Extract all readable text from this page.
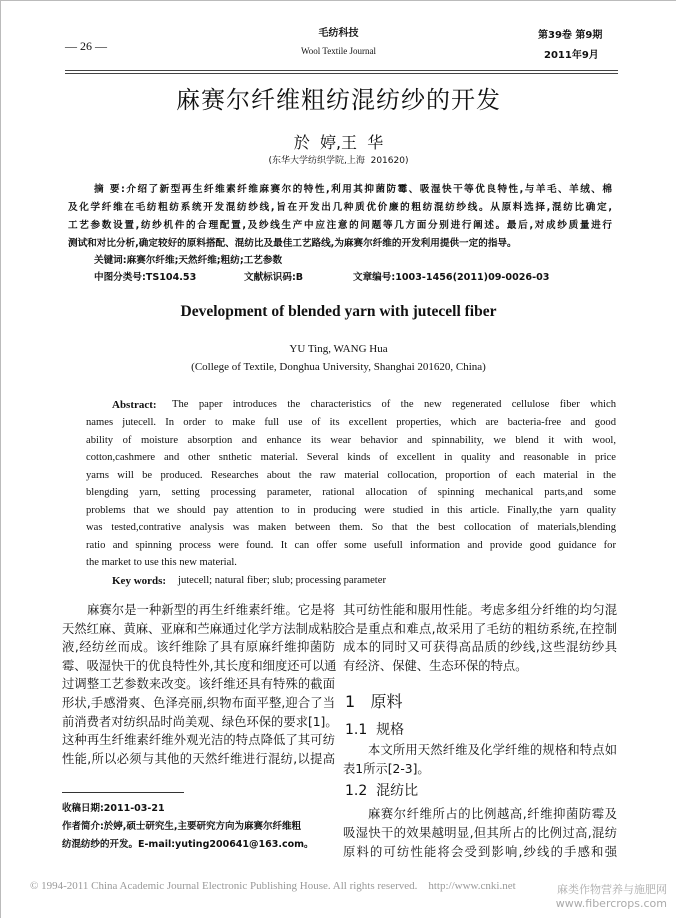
— 26 —
毛纺科技
Wool Textile Journal
第39卷 第9期
2011年9月
麻赛尔纤维粗纺混纺纱的开发
於  婷,王  华
(东华大学纺织学院,上海  201620)
摘 要:介绍了新型再生纤维素纤维麻赛尔的特性,利用其抑菌防霉、吸湿快干等优良特性,与羊毛、羊绒、棉
及化学纤维在毛纺粗纺系统开发混纺纱线,旨在开发出几种质优价廉的粗纺混纺纱线。从原料选择,混纺比确定,
工艺参数设置,纺纱机件的合理配置,及纱线生产中应注意的问题等几方面分别进行阐述。最后,对成纱质量进行
测试和对比分析,确定较好的原料搭配、混纺比及最佳工艺路线,为麻赛尔纤维的开发利用提供一定的指导。
关键词:麻赛尔纤维;天然纤维;粗纺;工艺参数
中图分类号:TS104.53	文献标识码:B	文章编号:1003-1456(2011)09-0026-03
Development of blended yarn with jutecell fiber
YU Ting, WANG Hua
(College of Textile, Donghua University, Shanghai 201620, China)
Abstract: The paper introduces the characteristics of the new regenerated cellulose fiber which
names jutecell. In order to make full use of its excellent properties, which are bacteria-free and good
ability of moisture absorption and enhance its wear behavior and spinnability, we blend it with wool,
cotton,cashmere and other snthetic material. Several kinds of excellent in quality and reasonable in price
yarns will be produced. Researches about the raw material collocation, proportion of each material in the
blengding yarn, setting processing parameter, rational allocation of spinning mechanical parts,and some
problems that we should pay attention to in producing were studied in this article. Finally,the yarn quality
was tested,contrative analysis was maken between them. So that the best collocation of materials,blending
ratio and spinning process were found. It can offer some usefull information and provide good guidance for
the market to use this new material.
Key words: jutecell; natural fiber; slub; processing parameter
麻赛尔是一种新型的再生纤维素纤维。它是将
天然红麻、黄麻、亚麻和苎麻通过化学方法制成粘胶
液,经纺丝而成。该纤维除了具有原麻纤维抑菌防
霉、吸湿快干的优良特性外,其长度和细度还可以通
过调整工艺参数来改变。该纤维还具有特殊的截面
形状,手感滑爽、色泽亮丽,织物布面平整,迎合了当
前消费者对纺织品时尚美观、绿色环保的要求[1]。
这种再生纤维素纤维外观光洁的特点降低了其可纺
性能,所以必须与其他的天然纤维进行混纺,以提高
收稿日期:2011-03-21
作者简介:於婷,硕士研究生,主要研究方向为麻赛尔纤维粗
纺混纺纱的开发。E-mail:yuting200641@163.com。
其可纺性能和服用性能。考虑多组分纤维的均匀混
合是重点和难点,故采用了毛纺的粗纺系统,在控制
成本的同时又可获得高品质的纱线,这些混纺纱具
有经济、保健、生态环保的特点。
1   原料
1.1  规格
本文所用天然纤维及化学纤维的规格和特点如
表1所示[2-3]。
1.2  混纺比
麻赛尔纤维所占的比例越高,纤维抑菌防霉及
吸湿快干的效果越明显,但其所占的比例过高,混纺
原料的可纺性能将会受到影响,纱线的手感和强
© 1994-2011 China Academic Journal Electronic Publishing House. All rights reserved.    http://www.cnki.net	麻类作物营养与施肥网
www.fibercrops.com
